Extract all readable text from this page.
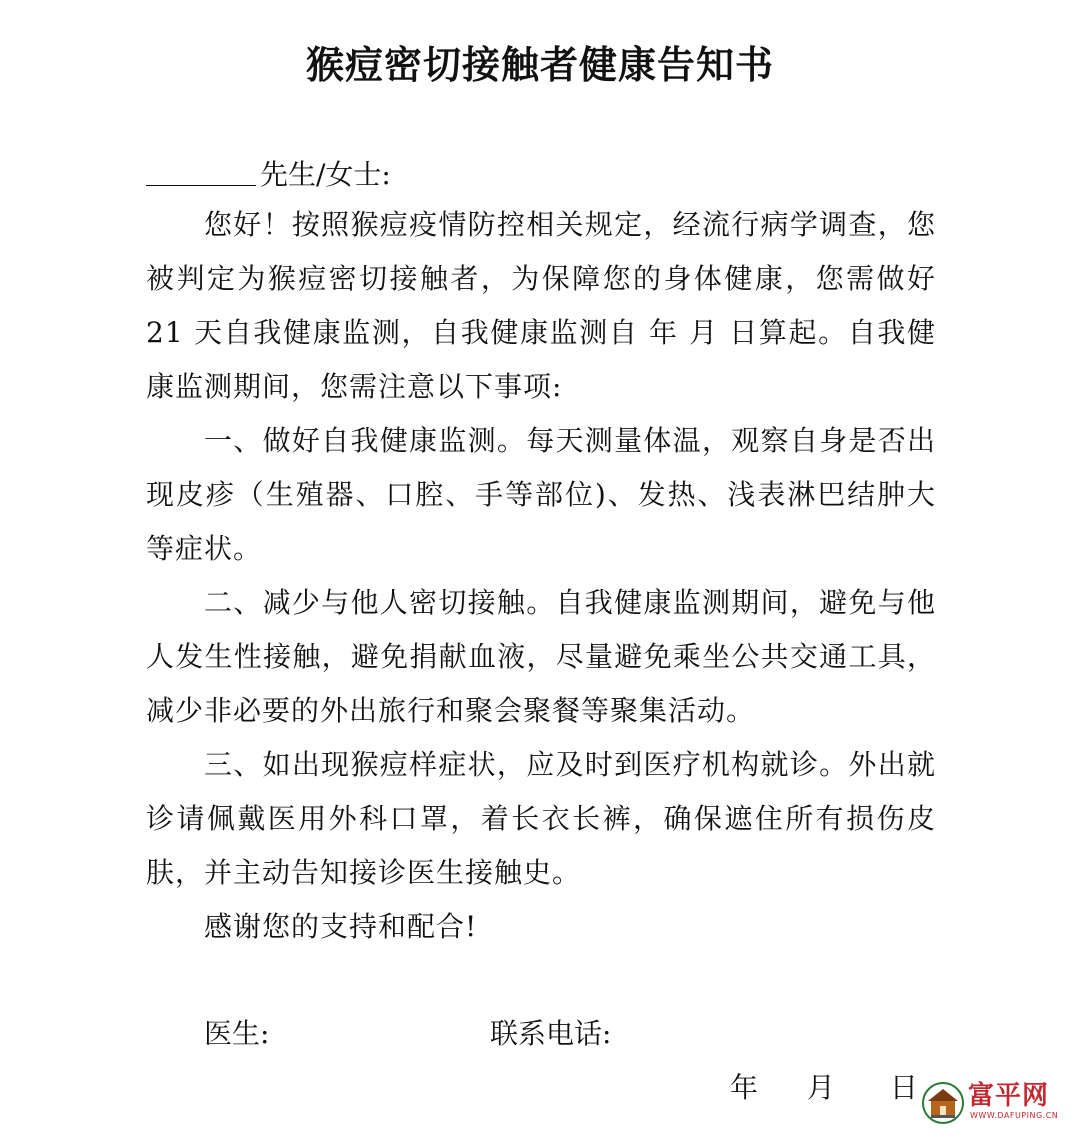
猴痘密切接触者健康告知书
先生/女士:
您好！按照猴痘疫情防控相关规定，经流行病学调查，您被判定为猴痘密切接触者，为保障您的身体健康，您需做好 21 天自我健康监测，自我健康监测自 年 月 日算起。自我健康监测期间，您需注意以下事项:
一、做好自我健康监测。每天测量体温，观察自身是否出现皮疹（生殖器、口腔、手等部位)、发热、浅表淋巴结肿大等症状。
二、减少与他人密切接触。自我健康监测期间，避免与他人发生性接触，避免捐献血液，尽量避免乘坐公共交通工具，减少非必要的外出旅行和聚会聚餐等聚集活动。
三、如出现猴痘样症状，应及时到医疗机构就诊。外出就诊请佩戴医用外科口罩，着长衣长裤，确保遮住所有损伤皮肤，并主动告知接诊医生接触史。
感谢您的支持和配合!
医生:	联系电话:
年 月 日 富平网
WWW.DAFUPING.CN
